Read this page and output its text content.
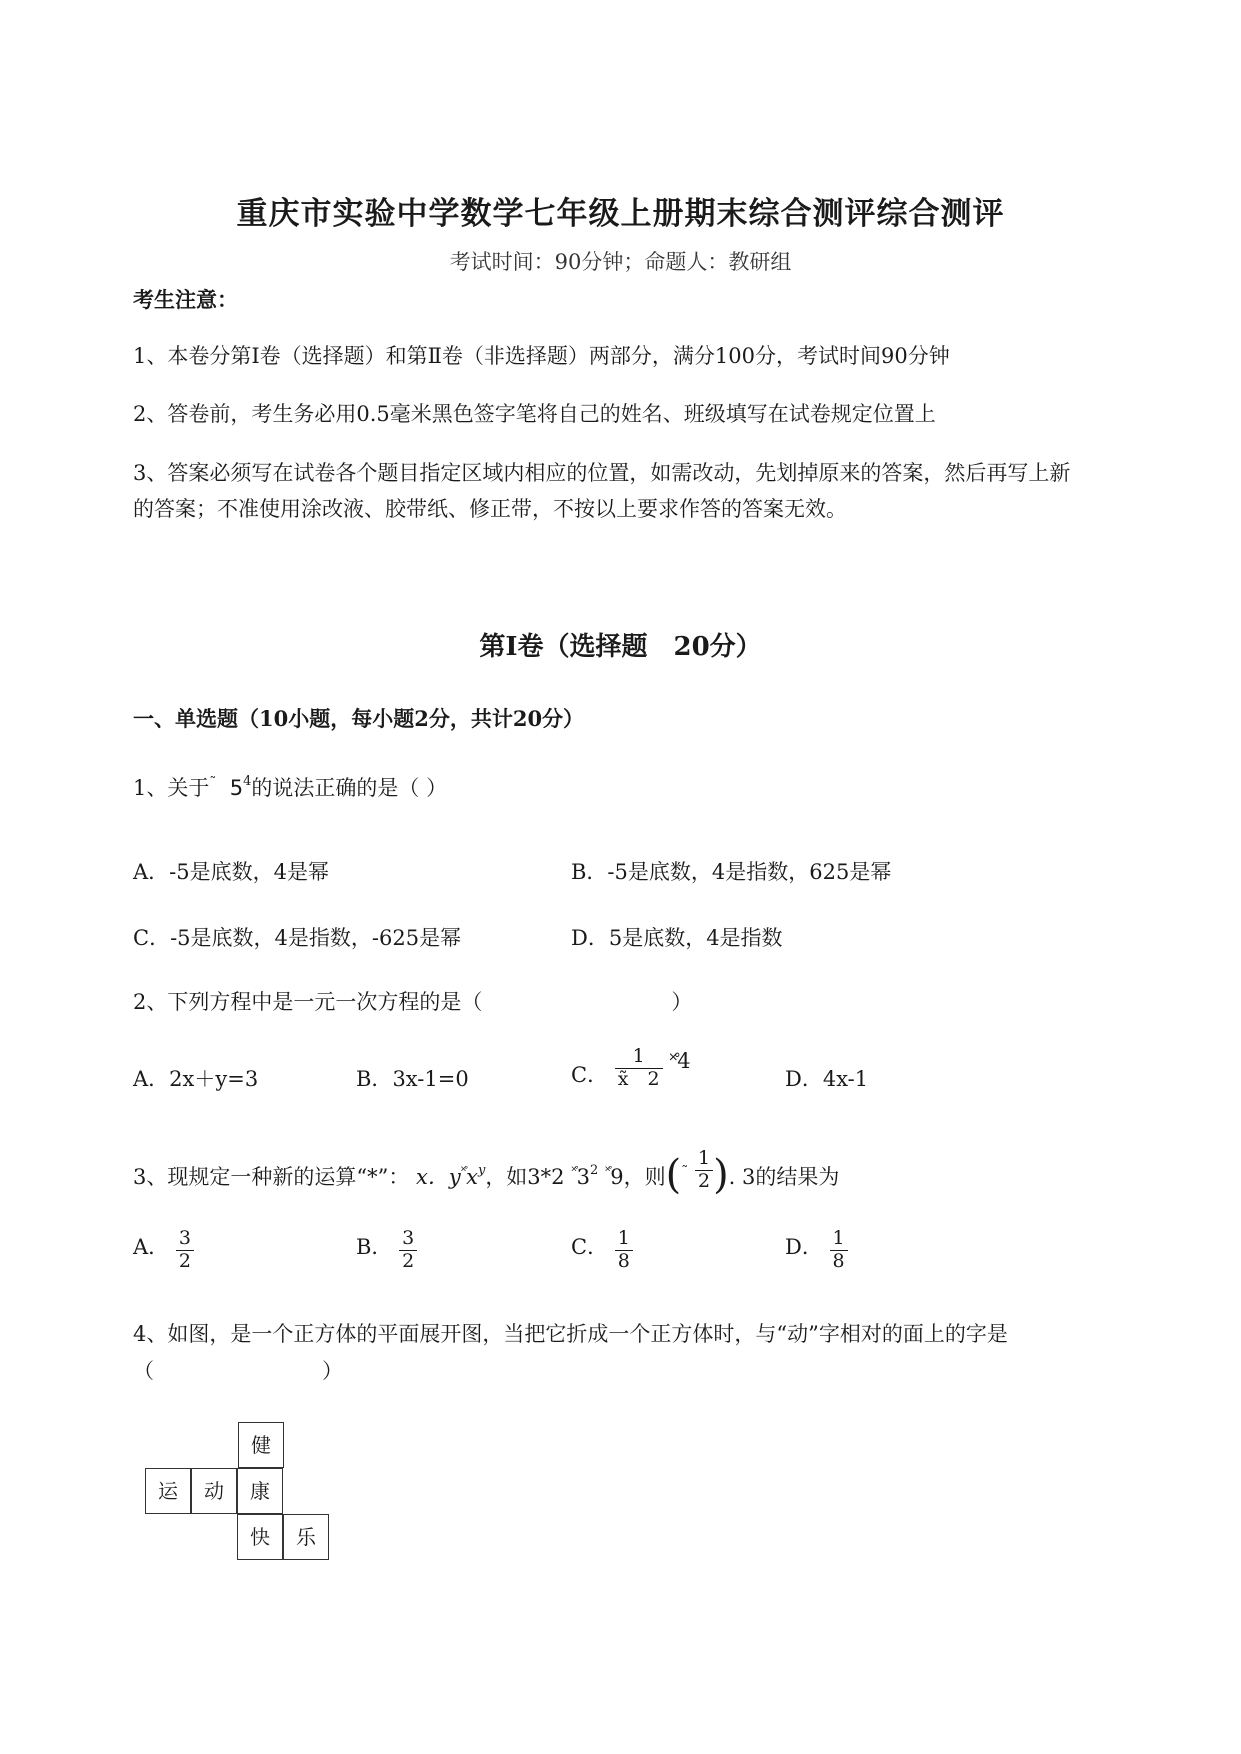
重庆市实验中学数学七年级上册期末综合测评综合测评
考试时间：90分钟；命题人：教研组
考生注意：
1、本卷分第I卷（选择题）和第Ⅱ卷（非选择题）两部分，满分100分，考试时间90分钟
2、答卷前，考生务必用0.5毫米黑色签字笔将自己的姓名、班级填写在试卷规定位置上
3、答案必须写在试卷各个题目指定区域内相应的位置，如需改动，先划掉原来的答案，然后再写上新
的答案；不准使用涂改液、胶带纸、修正带，不按以上要求作答的答案无效。
第I卷（选择题　20分）
一、单选题（10小题，每小题2分，共计20分）
1、关于˜ $5^4$的说法正确的是（ ）
A．-5是底数，4是幂	B．-5是底数，4是指数，625是幂
C．-5是底数，4是指数，-625是幂	D．5是底数，4是指数
2、下列方程中是一元一次方程的是（　　　　　　　　　）
A．2x＋y=3	B．3x-1=0	C． $\frac{1}{x̃ 2}$ ˟̊4
D．4x-1
3、现规定一种新的运算“*”： x．$y^{˟̊}x^y$，如3*2 $^{˟̊}3^2$ ˟̊9，则($^˜ \frac{1}{2}$ ). 3的结果为
A． $\frac{3}{2}$	B． $\frac{3}{2}$	C． $\frac{1}{8}$	D． $\frac{1}{8}$
4、如图，是一个正方体的平面展开图，当把它折成一个正方体时，与“动”字相对的面上的字是
（　　　　　　　　）
健
运	动	康
快	乐
